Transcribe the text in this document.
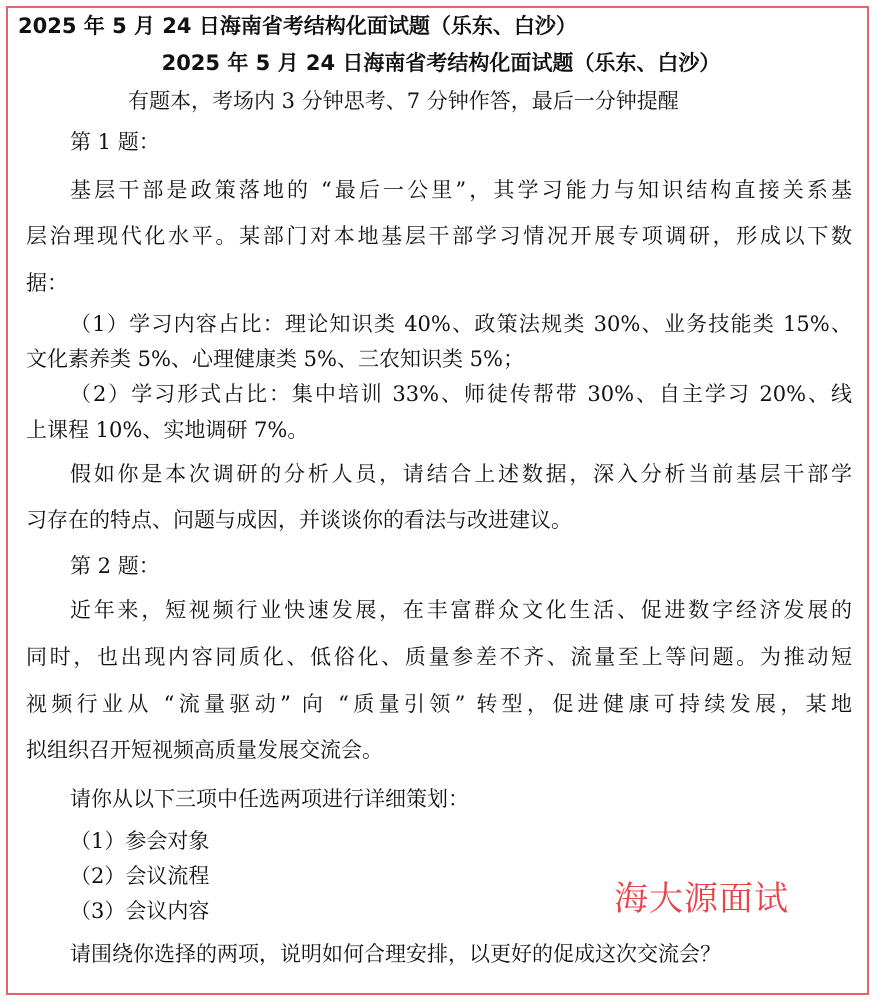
2025 年 5 月 24 日海南省考结构化面试题（乐东、白沙）
2025 年 5 月 24 日海南省考结构化面试题（乐东、白沙）
有题本，考场内 3 分钟思考、7 分钟作答，最后一分钟提醒
第 1 题：
基层干部是政策落地的 “最后一公里”，其学习能力与知识结构直接关系基
层治理现代化水平。某部门对本地基层干部学习情况开展专项调研，形成以下数
据：
（1）学习内容占比：理论知识类 40%、政策法规类 30%、业务技能类 15%、
文化素养类 5%、心理健康类 5%、三农知识类 5%；
（2）学习形式占比：集中培训 33%、师徒传帮带 30%、自主学习 20%、线
上课程 10%、实地调研 7%。
假如你是本次调研的分析人员，请结合上述数据，深入分析当前基层干部学
习存在的特点、问题与成因，并谈谈你的看法与改进建议。
第 2 题：
近年来，短视频行业快速发展，在丰富群众文化生活、促进数字经济发展的
同时，也出现内容同质化、低俗化、质量参差不齐、流量至上等问题。为推动短
视频行业从 “流量驱动” 向 “质量引领” 转型，促进健康可持续发展，某地
拟组织召开短视频高质量发展交流会。
请你从以下三项中任选两项进行详细策划：
（1）参会对象
（2）会议流程
（3）会议内容
请围绕你选择的两项，说明如何合理安排，以更好的促成这次交流会？
海大源面试
